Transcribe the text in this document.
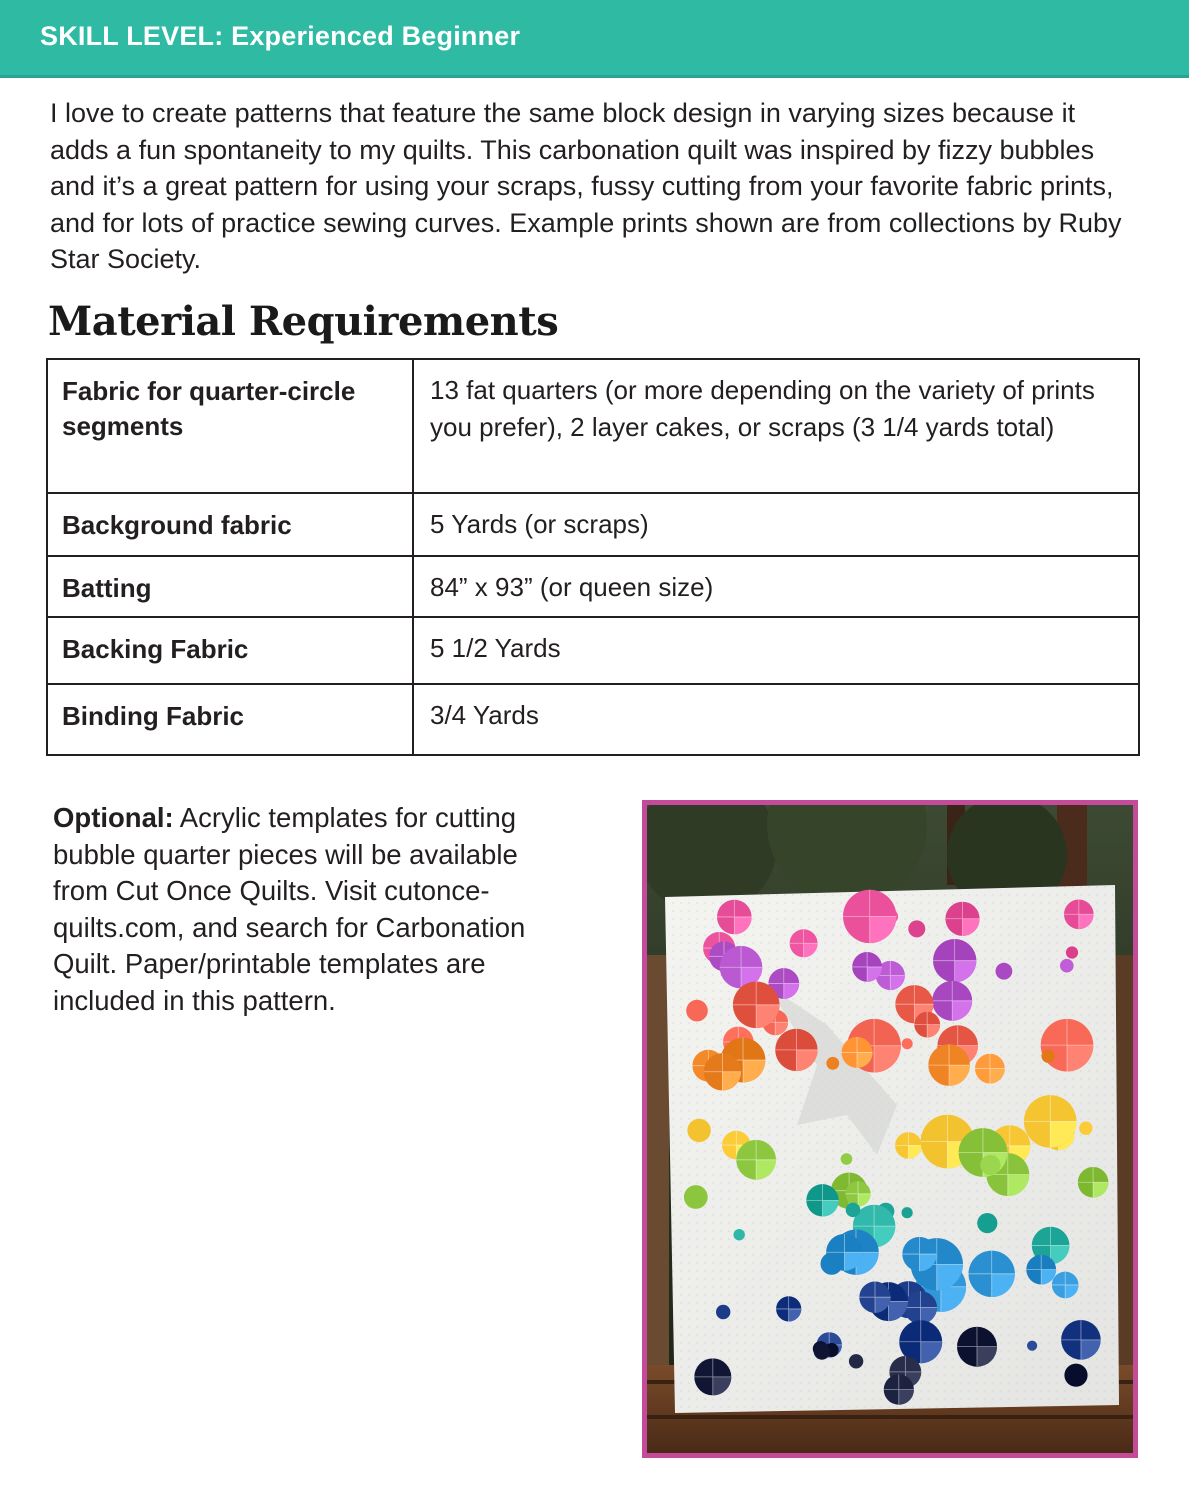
SKILL LEVEL: Experienced Beginner

I love to create patterns that feature the same block design in varying sizes because it adds a fun spontaneity to my quilts. This carbonation quilt was inspired by fizzy bubbles and it’s a great pattern for using your scraps, fussy cutting from your favorite fabric prints, and for lots of practice sewing curves. Example prints shown are from collections by Ruby Star Society.

Material Requirements
Fabric for quarter-circle segments	13 fat quarters (or more depending on the variety of prints you prefer), 2 layer cakes, or scraps (3 1/4 yards total)
Background fabric	5 Yards (or scraps)
Batting	84” x 93” (or queen size)
Backing Fabric	5 1/2 Yards
Binding Fabric	3/4 Yards

Optional: Acrylic templates for cutting bubble quarter pieces will be available from Cut Once Quilts. Visit cutonce-quilts.com, and search for Carbonation Quilt. Paper/printable templates are included in this pattern.
